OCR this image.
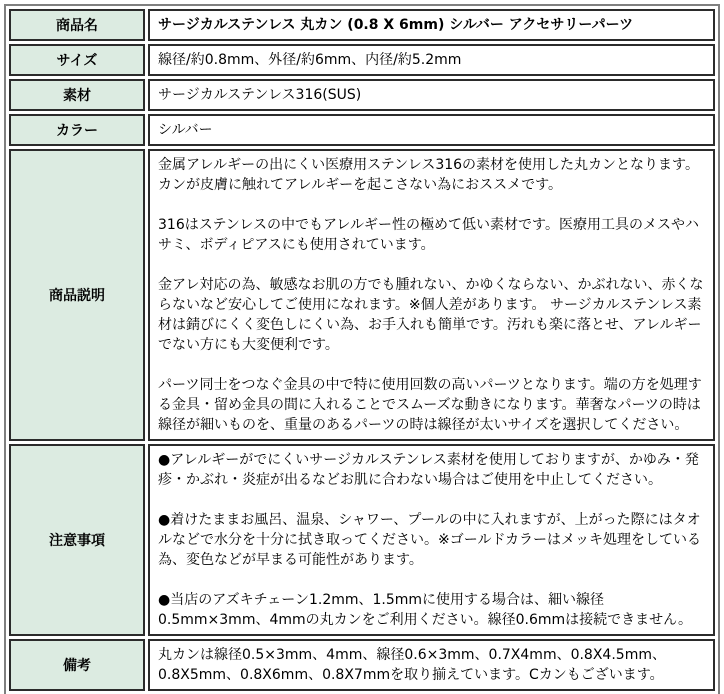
商品名	サージカルステンレス 丸カン (0.8 X 6mm) シルバー アクセサリーパーツ
サイズ	線径/約0.8mm、外径/約6mm、内径/約5.2mm
素材	サージカルステンレス316(SUS)
カラー	シルバー
商品説明	金属アレルギーの出にくい医療用ステンレス316の素材を使用した丸カンとなります。カンが皮膚に触れてアレルギーを起こさない為におススメです。

316はステンレスの中でもアレルギー性の極めて低い素材です。医療用工具のメスやハサミ、ボディピアスにも使用されています。

金アレ対応の為、敏感なお肌の方でも腫れない、かゆくならない、かぶれない、赤くならないなど安心してご使用になれます。※個人差があります。 サージカルステンレス素材は錆びにくく変色しにくい為、お手入れも簡単です。汚れも楽に落とせ、アレルギーでない方にも大変便利です。

パーツ同士をつなぐ金具の中で特に使用回数の高いパーツとなります。端の方を処理する金具・留め金具の間に入れることでスムーズな動きになります。華奢なパーツの時は線径が細いものを、重量のあるパーツの時は線径が太いサイズを選択してください。

注意事項	●アレルギーがでにくいサージカルステンレス素材を使用しておりますが、かゆみ・発疹・かぶれ・炎症が出るなどお肌に合わない場合はご使用を中止してください。

●着けたままお風呂、温泉、シャワー、プールの中に入れますが、上がった際にはタオルなどで水分を十分に拭き取ってください。※ゴールドカラーはメッキ処理をしている為、変色などが早まる可能性があります。

●当店のアズキチェーン1.2mm、1.5mmに使用する場合は、細い線径0.5mm×3mm、4mmの丸カンをご利用ください。線径0.6mmは接続できません。

備考	丸カンは線径0.5×3mm、4mm、線径0.6×3mm、0.7X4mm、0.8X4.5mm、0.8X5mm、0.8X6mm、0.8X7mmを取り揃えています。Cカンもございます。
